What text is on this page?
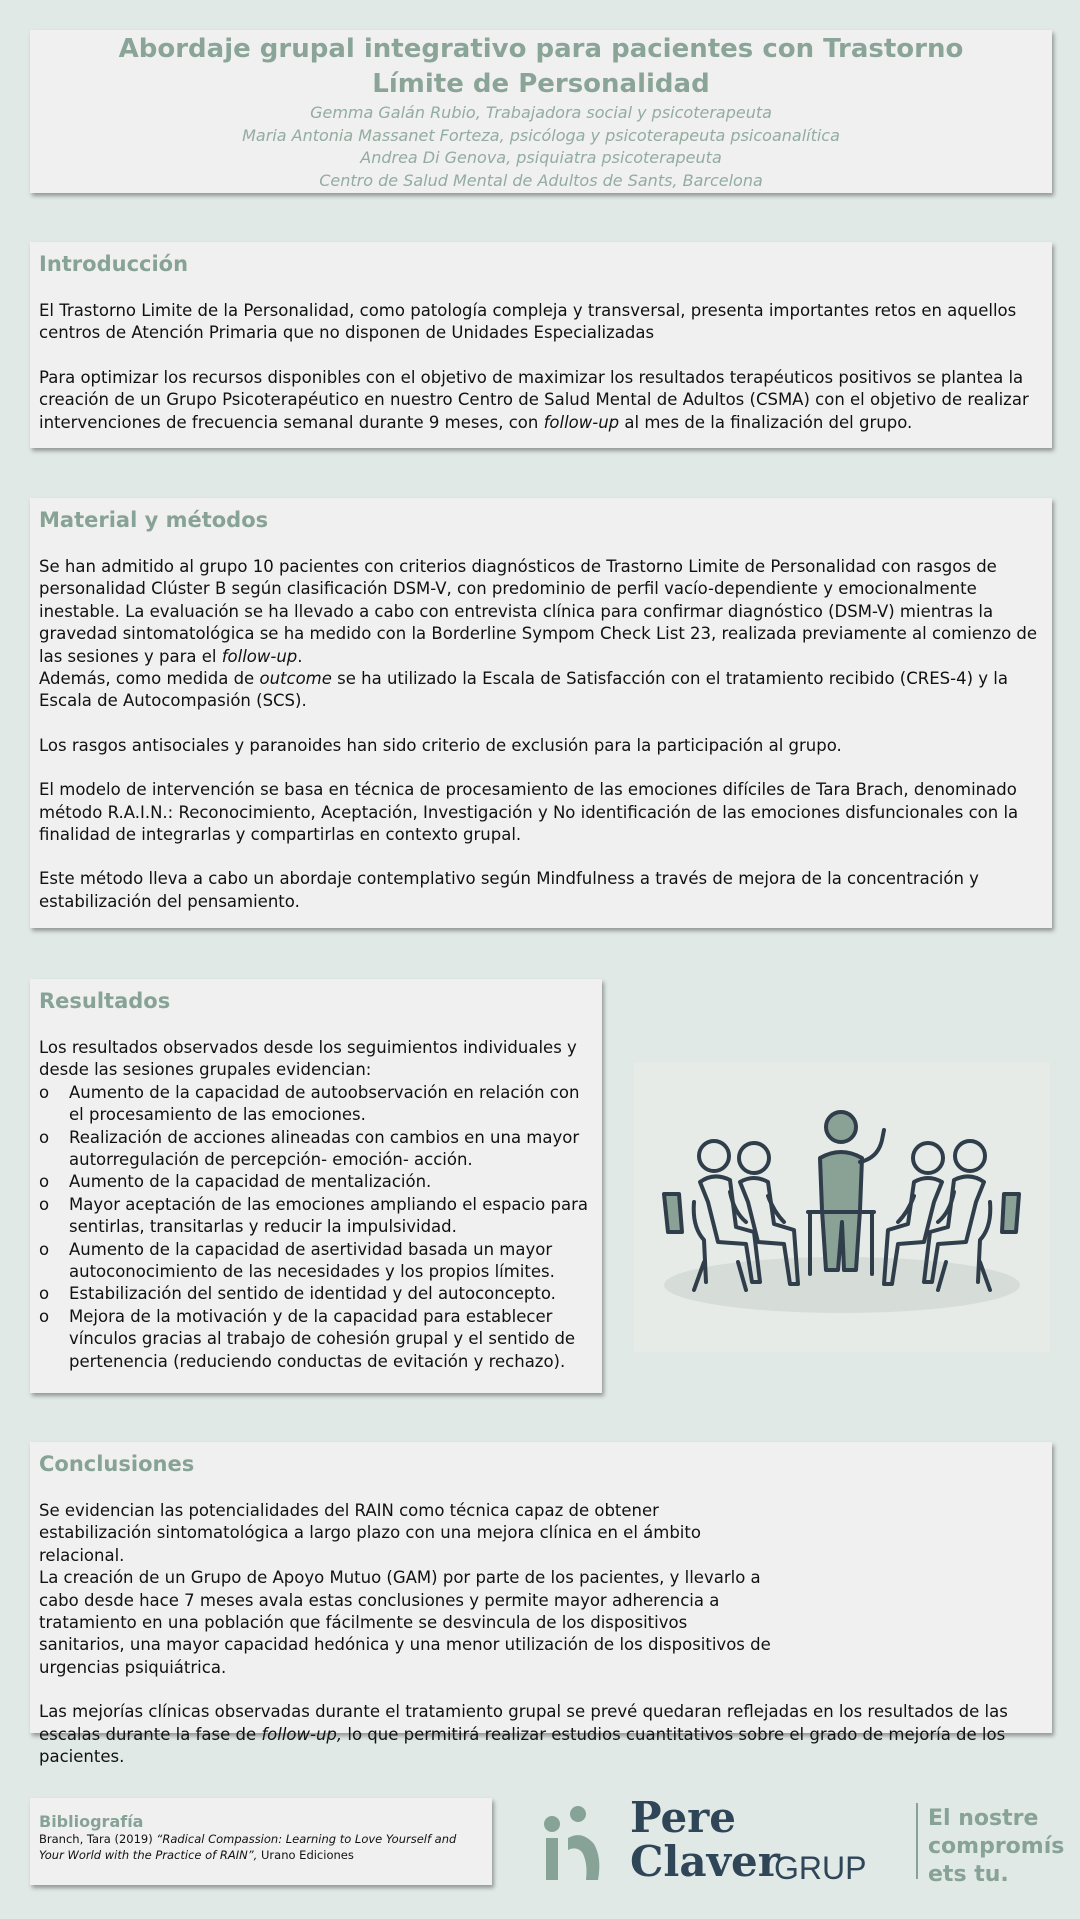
Abordaje grupal integrativo para pacientes con Trastorno Límite de Personalidad
Gemma Galán Rubio, Trabajadora social y psicoterapeuta
Maria Antonia Massanet Forteza, psicóloga y psicoterapeuta psicoanalítica
Andrea Di Genova, psiquiatra psicoterapeuta
Centro de Salud Mental de Adultos de Sants, Barcelona
Introducción

El Trastorno Limite de la Personalidad, como patología compleja y transversal, presenta importantes retos en aquellos centros de Atención Primaria que no disponen de Unidades Especializadas

Para optimizar los recursos disponibles con el objetivo de maximizar los resultados terapéuticos positivos se plantea la creación de un Grupo Psicoterapéutico en nuestro Centro de Salud Mental de Adultos (CSMA) con el objetivo de realizar intervenciones de frecuencia semanal durante 9 meses, con follow-up al mes de la finalización del grupo.

Material y métodos

Se han admitido al grupo 10 pacientes con criterios diagnósticos de Trastorno Limite de Personalidad con rasgos de personalidad Clúster B según clasificación DSM-V, con predominio de perfil vacío-dependiente y emocionalmente inestable. La evaluación se ha llevado a cabo con entrevista clínica para confirmar diagnóstico (DSM-V) mientras la gravedad sintomatológica se ha medido con la Borderline Sympom Check List 23, realizada previamente al comienzo de las sesiones y para el follow-up.

Además, como medida de outcome se ha utilizado la Escala de Satisfacción con el tratamiento recibido (CRES-4) y la Escala de Autocompasión (SCS).

Los rasgos antisociales y paranoides han sido criterio de exclusión para la participación al grupo.

El modelo de intervención se basa en técnica de procesamiento de las emociones difíciles de Tara Brach, denominado método R.A.I.N.: Reconocimiento, Aceptación, Investigación y No identificación de las emociones disfuncionales con la finalidad de integrarlas y compartirlas en contexto grupal.

Este método lleva a cabo un abordaje contemplativo según Mindfulness a través de mejora de la concentración y estabilización del pensamiento.

Resultados

Los resultados observados desde los seguimientos individuales y desde las sesiones grupales evidencian:

o Aumento de la capacidad de autoobservación en relación con el procesamiento de las emociones.
o Realización de acciones alineadas con cambios en una mayor autorregulación de percepción- emoción- acción.
o Aumento de la capacidad de mentalización.
o Mayor aceptación de las emociones ampliando el espacio para sentirlas, transitarlas y reducir la impulsividad.
o Aumento de la capacidad de asertividad basada un mayor autoconocimiento de las necesidades y los propios límites.
o Estabilización del sentido de identidad y del autoconcepto.
o Mejora de la motivación y de la capacidad para establecer vínculos gracias al trabajo de cohesión grupal y el sentido de pertenencia (reduciendo conductas de evitación y rechazo).
Conclusiones

Se evidencian las potencialidades del RAIN como técnica capaz de obtener estabilización sintomatológica a largo plazo con una mejora clínica en el ámbito relacional.

La creación de un Grupo de Apoyo Mutuo (GAM) por parte de los pacientes, y llevarlo a cabo desde hace 7 meses avala estas conclusiones y permite mayor adherencia a tratamiento en una población que fácilmente se desvincula de los dispositivos sanitarios, una mayor capacidad hedónica y una menor utilización de los dispositivos de urgencias psiquiátrica.

Las mejorías clínicas observadas durante el tratamiento grupal se prevé quedaran reflejadas en los resultados de las escalas durante la fase de follow-up, lo que permitirá realizar estudios cuantitativos sobre el grado de mejoría de los pacientes.

Bibliografía
Branch, Tara (2019) “Radical Compassion: Learning to Love Yourself and Your World with the Practice of RAIN”, Urano Ediciones
Pere
Claver
GRUP
El nostre
compromís
ets tu.
